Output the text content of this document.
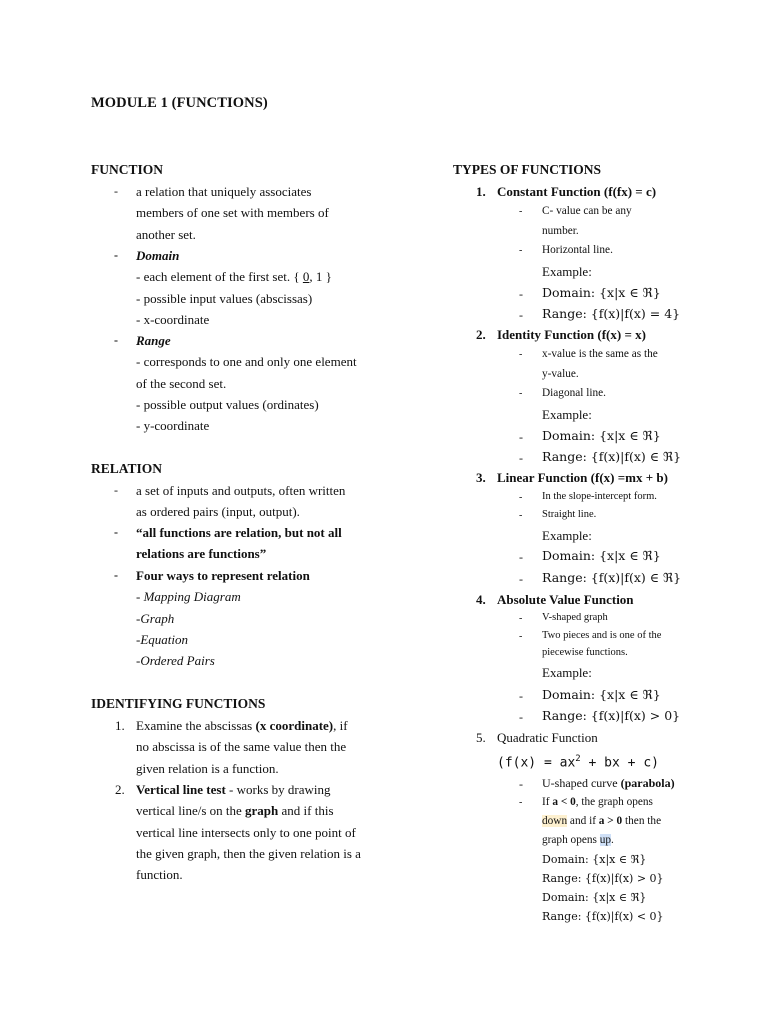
MODULE 1 (FUNCTIONS)
FUNCTION
- a relation that uniquely associates
members of one set with members of
another set.
- Domain
- each element of the first set. { 0, 1 }
- possible input values (abscissas)
- x-coordinate
- Range
- corresponds to one and only one element
of the second set.
- possible output values (ordinates)
- y-coordinate
RELATION
- a set of inputs and outputs, often written
as ordered pairs (input, output).
- “all functions are relation, but not all
relations are functions”
- Four ways to represent relation
- Mapping Diagram
-Graph
-Equation
-Ordered Pairs
IDENTIFYING FUNCTIONS
1. Examine the abscissas (x coordinate), if
no abscissa is of the same value then the
given relation is a function.
2. Vertical line test - works by drawing
vertical line/s on the graph and if this
vertical line intersects only to one point of
the given graph, then the given relation is a
function.
TYPES OF FUNCTIONS
1. Constant Function (f(fx) = c)
- C- value can be any
number.
- Horizontal line.
Example:
- Domain: {x|x ∈ ℜ}
- Range: {f(x)|f(x) = 4}
2. Identity Function (f(x) = x)
- x-value is the same as the
y-value.
- Diagonal line.
Example:
- Domain: {x|x ∈ ℜ}
- Range: {f(x)|f(x) ∈ ℜ}
3. Linear Function (f(x) =mx + b)
- In the slope-intercept form.
- Straight line.
Example:
- Domain: {x|x ∈ ℜ}
- Range: {f(x)|f(x) ∈ ℜ}
4. Absolute Value Function
- V-shaped graph
- Two pieces and is one of the
piecewise functions.
Example:
- Domain: {x|x ∈ ℜ}
- Range: {f(x)|f(x) > 0}
5. Quadratic Function
($f(x) = ax^2$ + bx + c)
- U-shaped curve (parabola)
- If a < 0, the graph opens
down and if a > 0 then the
graph opens up.
Domain: {x|x ∈ ℜ}
Range: {f(x)|f(x) > 0}
Domain: {x|x ∈ ℜ}
Range: {f(x)|f(x) < 0}
